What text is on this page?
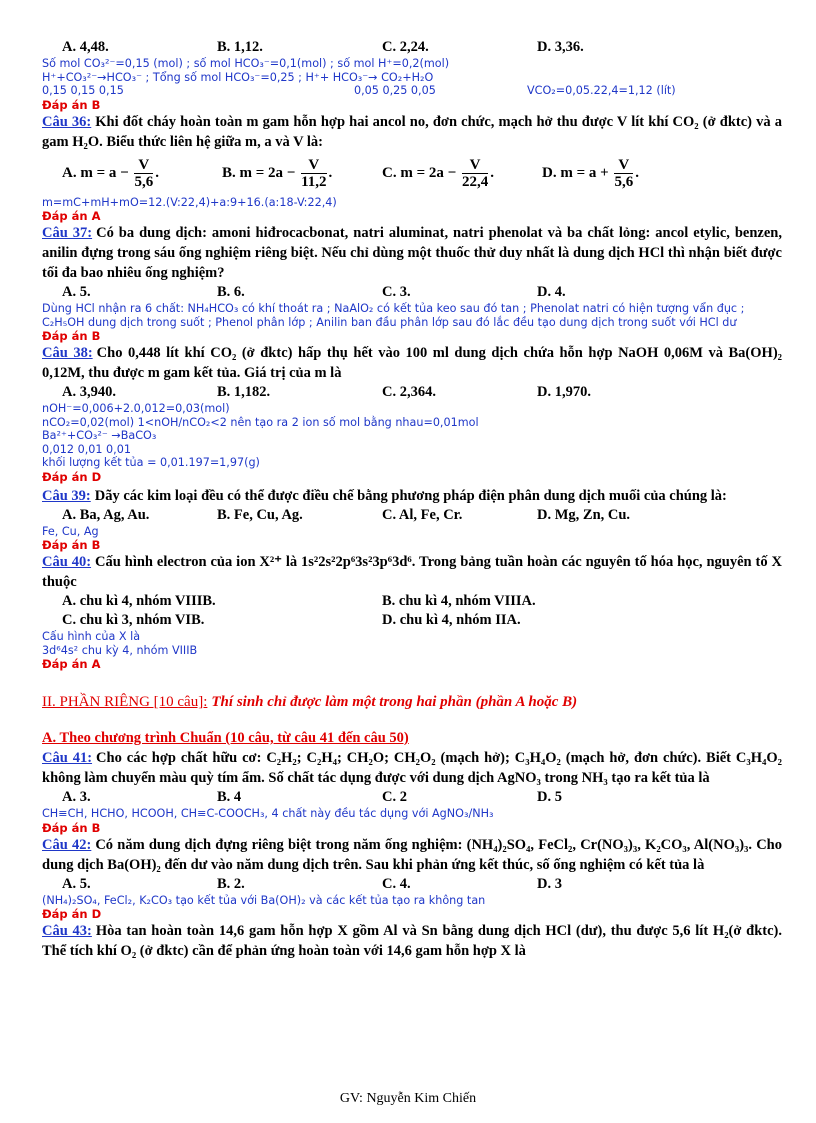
A. 4,48.	B. 1,12.	C. 2,24.	D. 3,36.
Số mol CO₃²⁻=0,15 (mol) ; số mol HCO₃⁻=0,1(mol) ; số mol H⁺=0,2(mol)
H⁺+CO₃²⁻→HCO₃⁻ ; Tổng số mol HCO₃⁻=0,25 ; H⁺+ HCO₃⁻→ CO₂+H₂O
0,15 0,15 0,15	0,05 0,25 0,05	VCO₂=0,05.22,4=1,12 (lít)
Đáp án B
Câu 36: Khi đốt cháy hoàn toàn m gam hỗn hợp hai ancol no, đơn chức, mạch hở thu được V lít khí CO₂ (ở đktc) và a gam H₂O. Biểu thức liên hệ giữa m, a và V là:
A. $m = a - \frac{V}{5,6}$ .	B. $m = 2a - \frac{V}{11,2}$ .	C. $m = 2a - \frac{V}{22,4}$ .	D. $m = a + \frac{V}{5,6}$ .
m=mC+mH+mO=12.(V:22,4)+a:9+16.(a:18-V:22,4)
Đáp án A
Câu 37: Có ba dung dịch: amoni hiđrocacbonat, natri aluminat, natri phenolat và ba chất lỏng: ancol etylic, benzen, anilin đựng trong sáu ống nghiệm riêng biệt. Nếu chỉ dùng một thuốc thử duy nhất là dung dịch HCl thì nhận biết được tối đa bao nhiêu ống nghiệm?
A. 5.	B. 6.	C. 3.	D. 4.
Dùng HCl nhận ra 6 chất: NH₄HCO₃ có khí thoát ra ; NaAlO₂ có kết tủa keo sau đó tan ; Phenolat natri có hiện tượng vẩn đục ; C₂H₅OH dung dịch trong suốt ; Phenol phân lớp ; Anilin ban đầu phân lớp sau đó lắc đều tạo dung dịch trong suốt với HCl dư
Đáp án B
Câu 38: Cho 0,448 lít khí CO₂ (ở đktc) hấp thụ hết vào 100 ml dung dịch chứa hỗn hợp NaOH 0,06M và Ba(OH)₂ 0,12M, thu được m gam kết tủa. Giá trị của m là
A. 3,940.	B. 1,182.	C. 2,364.	D. 1,970.
nOH⁻=0,006+2.0,012=0,03(mol)
nCO₂=0,02(mol) 1<nOH/nCO₂<2 nên tạo ra 2 ion số mol bằng nhau=0,01mol
Ba²⁺+CO₃²⁻ →BaCO₃
0,012 0,01 0,01
khối lượng kết tủa = 0,01.197=1,97(g)
Đáp án D
Câu 39: Dãy các kim loại đều có thể được điều chế bằng phương pháp điện phân dung dịch muối của chúng là:
A. Ba, Ag, Au.	B. Fe, Cu, Ag.	C. Al, Fe, Cr.	D. Mg, Zn, Cu.
Fe, Cu, Ag
Đáp án B
Câu 40: Cấu hình electron của ion X²⁺ là 1s²2s²2p⁶3s²3p⁶3d⁶. Trong bảng tuần hoàn các nguyên tố hóa học, nguyên tố X thuộc
A. chu kì 4, nhóm VIIIB.	B. chu kì 4, nhóm VIIIA.
C. chu kì 3, nhóm VIB.	D. chu kì 4, nhóm IIA.
Cấu hình của X là
3d⁶4s² chu kỳ 4, nhóm VIIIB
Đáp án A
II. PHẦN RIÊNG [10 câu]: Thí sinh chỉ được làm một trong hai phần (phần A hoặc B)
A. Theo chương trình Chuẩn (10 câu, từ câu 41 đến câu 50)
Câu 41: Cho các hợp chất hữu cơ: C₂H₂; C₂H₄; CH₂O; CH₂O₂ (mạch hở); C₃H₄O₂ (mạch hở, đơn chức). Biết C₃H₄O₂ không làm chuyển màu quỳ tím ẩm. Số chất tác dụng được với dung dịch AgNO₃ trong NH₃ tạo ra kết tủa là
A. 3.	B. 4	C. 2	D. 5
CH≡CH, HCHO, HCOOH, CH≡C-COOCH₃, 4 chất này đều tác dụng với AgNO₃/NH₃
Đáp án B
Câu 42: Có năm dung dịch đựng riêng biệt trong năm ống nghiệm: (NH₄)₂SO₄, FeCl₂, Cr(NO₃)₃, K₂CO₃, Al(NO₃)₃. Cho dung dịch Ba(OH)₂ đến dư vào năm dung dịch trên. Sau khi phản ứng kết thúc, số ống nghiệm có kết tủa là
A. 5.	B. 2.	C. 4.	D. 3
(NH₄)₂SO₄, FeCl₂, K₂CO₃ tạo kết tủa với Ba(OH)₂ và các kết tủa tạo ra không tan
Đáp án D
Câu 43: Hòa tan hoàn toàn 14,6 gam hỗn hợp X gồm Al và Sn bằng dung dịch HCl (dư), thu được 5,6 lít H₂(ở đktc). Thể tích khí O₂ (ở đktc) cần để phản ứng hoàn toàn với 14,6 gam hỗn hợp X là
GV: Nguyễn Kim Chiến
